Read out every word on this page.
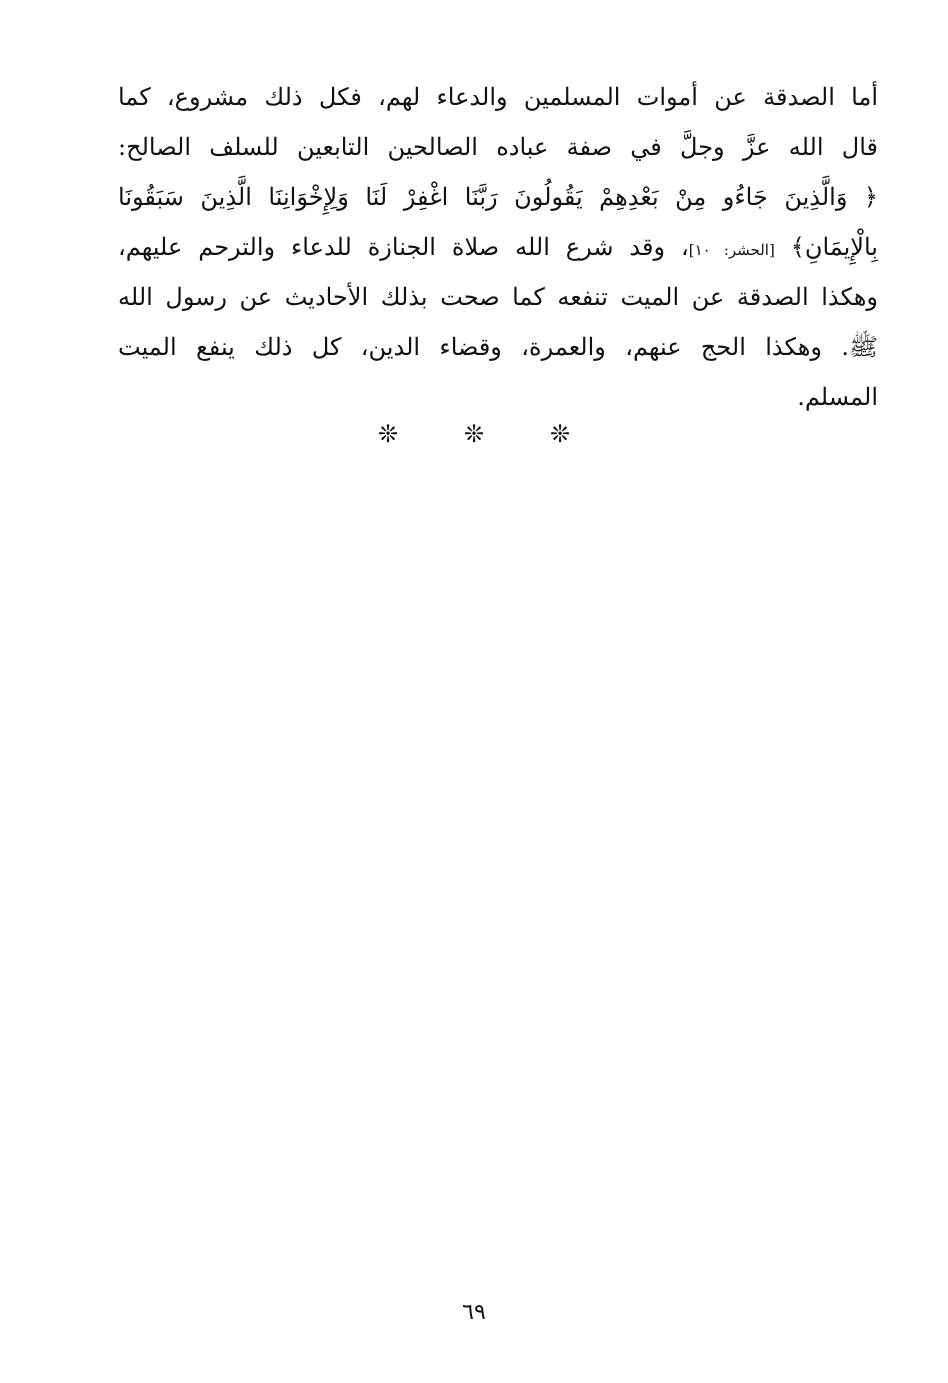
أما الصدقة عن أموات المسلمين والدعاء لهم، فكل ذلك مشروع، كما
قال الله عزَّ وجلَّ في صفة عباده الصالحين التابعين للسلف الصالح:
﴿ وَالَّذِينَ جَاءُو مِنْ بَعْدِهِمْ يَقُولُونَ رَبَّنَا اغْفِرْ لَنَا وَلِإِخْوَانِنَا الَّذِينَ سَبَقُونَا
بِالْإِيمَانِ﴾ [الحشر: ١٠]، وقد شرع الله صلاة الجنازة للدعاء والترحم عليهم،
وهكذا الصدقة عن الميت تنفعه كما صحت بذلك الأحاديث عن رسول الله
ﷺ. وهكذا الحج عنهم، والعمرة، وقضاء الدين، كل ذلك ينفع الميت
المسلم.
❊	❊	❊
٦٩
